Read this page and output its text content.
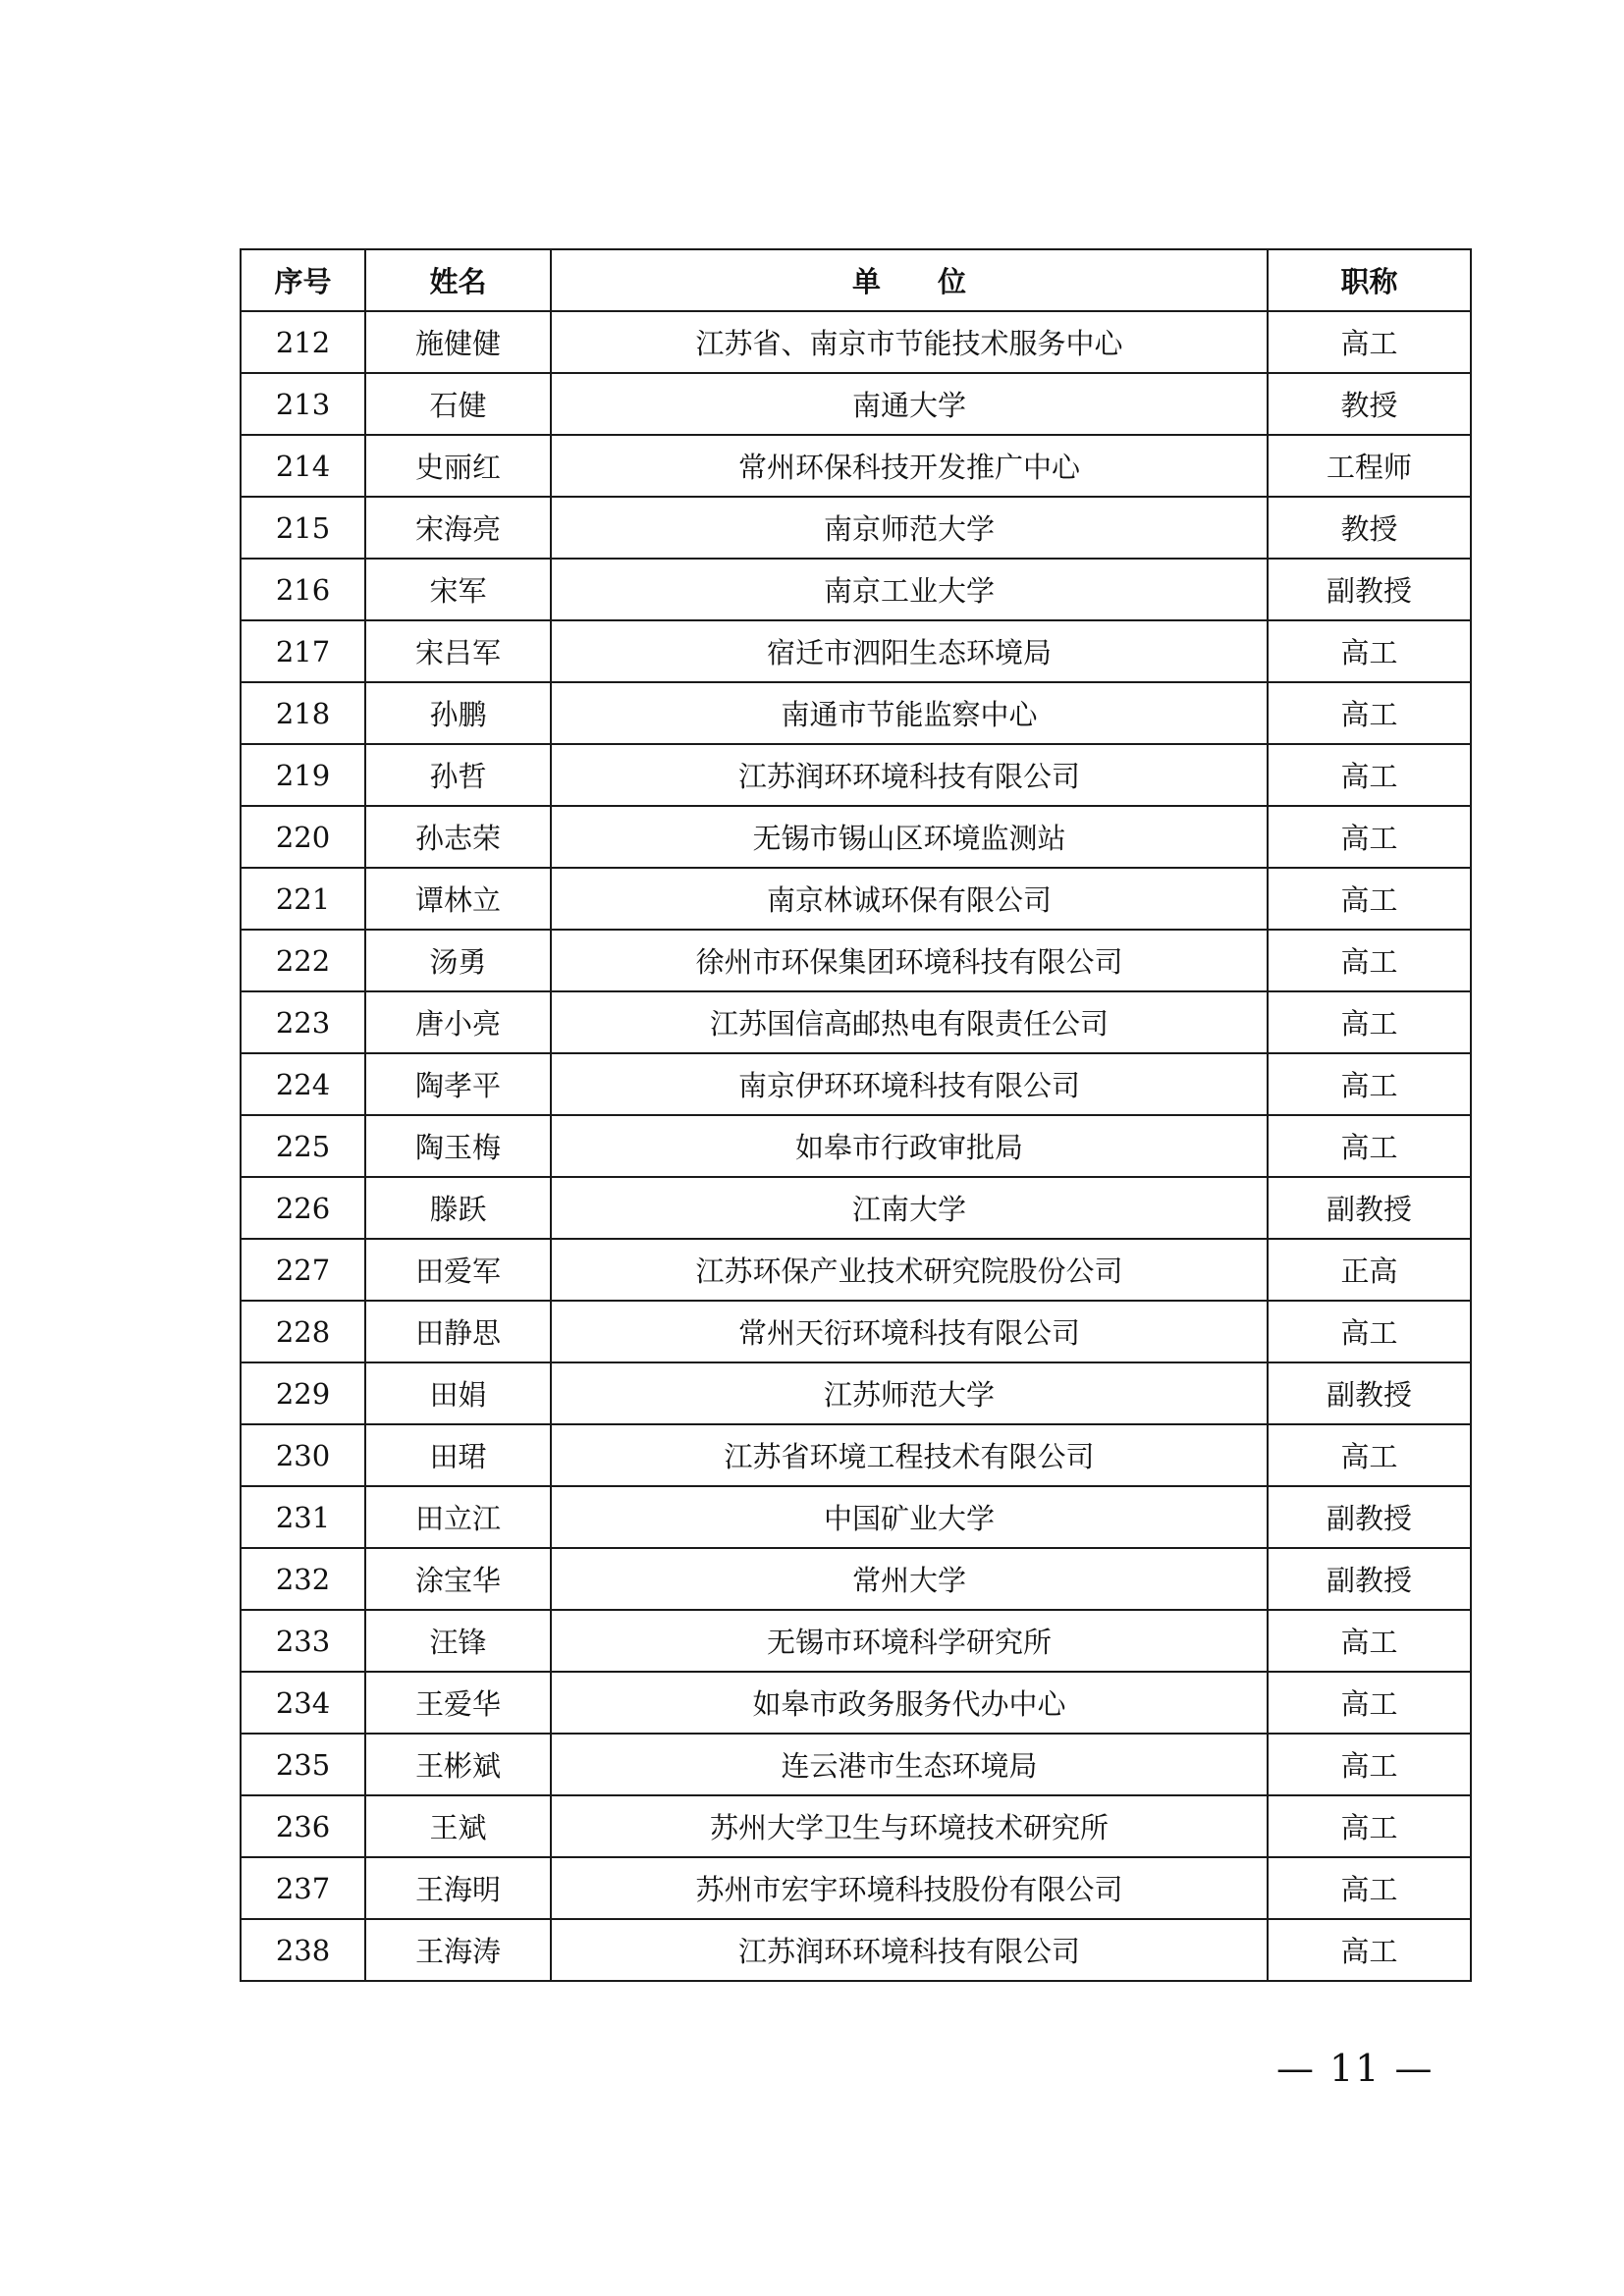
序号	姓名	单　　位	职称
212	施健健	江苏省、南京市节能技术服务中心	高工
213	石健	南通大学	教授
214	史丽红	常州环保科技开发推广中心	工程师
215	宋海亮	南京师范大学	教授
216	宋军	南京工业大学	副教授
217	宋吕军	宿迁市泗阳生态环境局	高工
218	孙鹏	南通市节能监察中心	高工
219	孙哲	江苏润环环境科技有限公司	高工
220	孙志荣	无锡市锡山区环境监测站	高工
221	谭林立	南京林诚环保有限公司	高工
222	汤勇	徐州市环保集团环境科技有限公司	高工
223	唐小亮	江苏国信高邮热电有限责任公司	高工
224	陶孝平	南京伊环环境科技有限公司	高工
225	陶玉梅	如皋市行政审批局	高工
226	滕跃	江南大学	副教授
227	田爱军	江苏环保产业技术研究院股份公司	正高
228	田静思	常州天衍环境科技有限公司	高工
229	田娟	江苏师范大学	副教授
230	田珺	江苏省环境工程技术有限公司	高工
231	田立江	中国矿业大学	副教授
232	涂宝华	常州大学	副教授
233	汪锋	无锡市环境科学研究所	高工
234	王爱华	如皋市政务服务代办中心	高工
235	王彬斌	连云港市生态环境局	高工
236	王斌	苏州大学卫生与环境技术研究所	高工
237	王海明	苏州市宏宇环境科技股份有限公司	高工
238	王海涛	江苏润环环境科技有限公司	高工
— 11 —
